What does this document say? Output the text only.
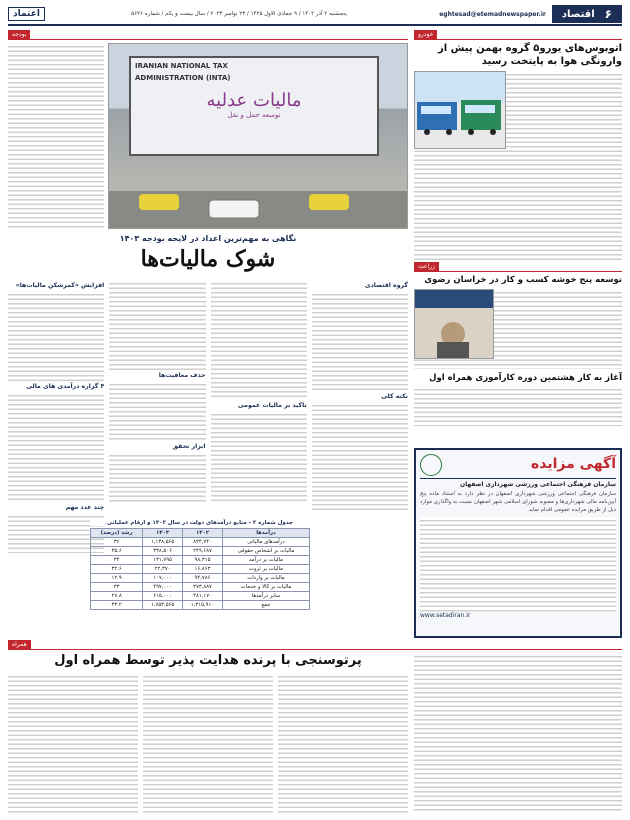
۶
اقتصاد
eghtesad@etemadnewspaper.ir
پنجشنبه ۲ آذر ۱۴۰۲ / ۹ جمادی الاول ۱۴۴۵ / ۲۳ نوامبر ۲۰۲۳ / سال بیست و یکم / شماره ۵۶۲۶
اعتماد
خودرو
اتوبوس‌های یورو۵ گروه بهمن پیش از وارونگی هوا به پایتخت رسید
زراعت
توسعه پنج خوشه کسب و کار در خراسان رضوی
آغاز به کار هشتمین دوره کارآموزی همراه اول
بودجه
IRANIAN NATIONAL TAX
ADMINISTRATION (INTA)
مالیات عدلیه
توسعه حمل و نقل
نگاهی به مهم‌ترین اعداد در لایحه بودجه ۱۴۰۳
شوک مالیات‌ها
گروه اقتصادی
نکته کلی
تاکید بر مالیات عمومی
حذف معافیت‌ها
ابزار تحقق
افزایش «کمرشکن مالیات‌ها»
۴ گزاره درآمدی های مالی
چند عدد مهم
جدول شماره ۲ - منابع درآمدهای دولت در سال ۱۴۰۳ و ارقام عملیاتی
درآمدها	۱۴۰۲	۱۴۰۳	رشد (درصد)
درآمدهای مالیاتی	۸۳۴,۷۴۰	۱,۱۳۸,۵۶۵	۳۶
مالیات بر اشخاص حقوقی	۲۴۹,۶۸۷	۳۳۸,۵۰۶	۳۵.۶
مالیات بر درآمد	۹۸,۳۱۵	۱۳۱,۷۹۵	۳۴
مالیات بر ثروت	۱۶,۸۶۳	۲۲,۳۷۰	۳۲.۶
مالیات بر واردات	۹۴,۷۸۶	۱۰۷,۰۰۰	۱۲.۹
مالیات بر کالا و خدمات	۳۷۳,۸۸۷	۴۹۷,۰۰۰	۳۳
سایر درآمدها	۴۸۱,۱۷۰	۶۱۵,۰۰۰	۲۷.۸
جمع	۱,۳۱۵,۹۱۰	۱,۷۵۳,۵۶۵	۳۳.۲
آگهی مزایده
سازمان فرهنگی اجتماعی ورزشی شهرداری اصفهان
سازمان فرهنگی اجتماعی ورزشی شهرداری اصفهان در نظر دارد به استناد ماده پنج آیین‌نامه مالی شهرداری‌ها و مصوبه شورای اسلامی شهر اصفهان نسبت به واگذاری موارد ذیل از طریق مزایده عمومی اقدام نماید
www.setadiran.ir
همراه
پرتوسنجی با پرنده هدایت پذیر توسط همراه اول
